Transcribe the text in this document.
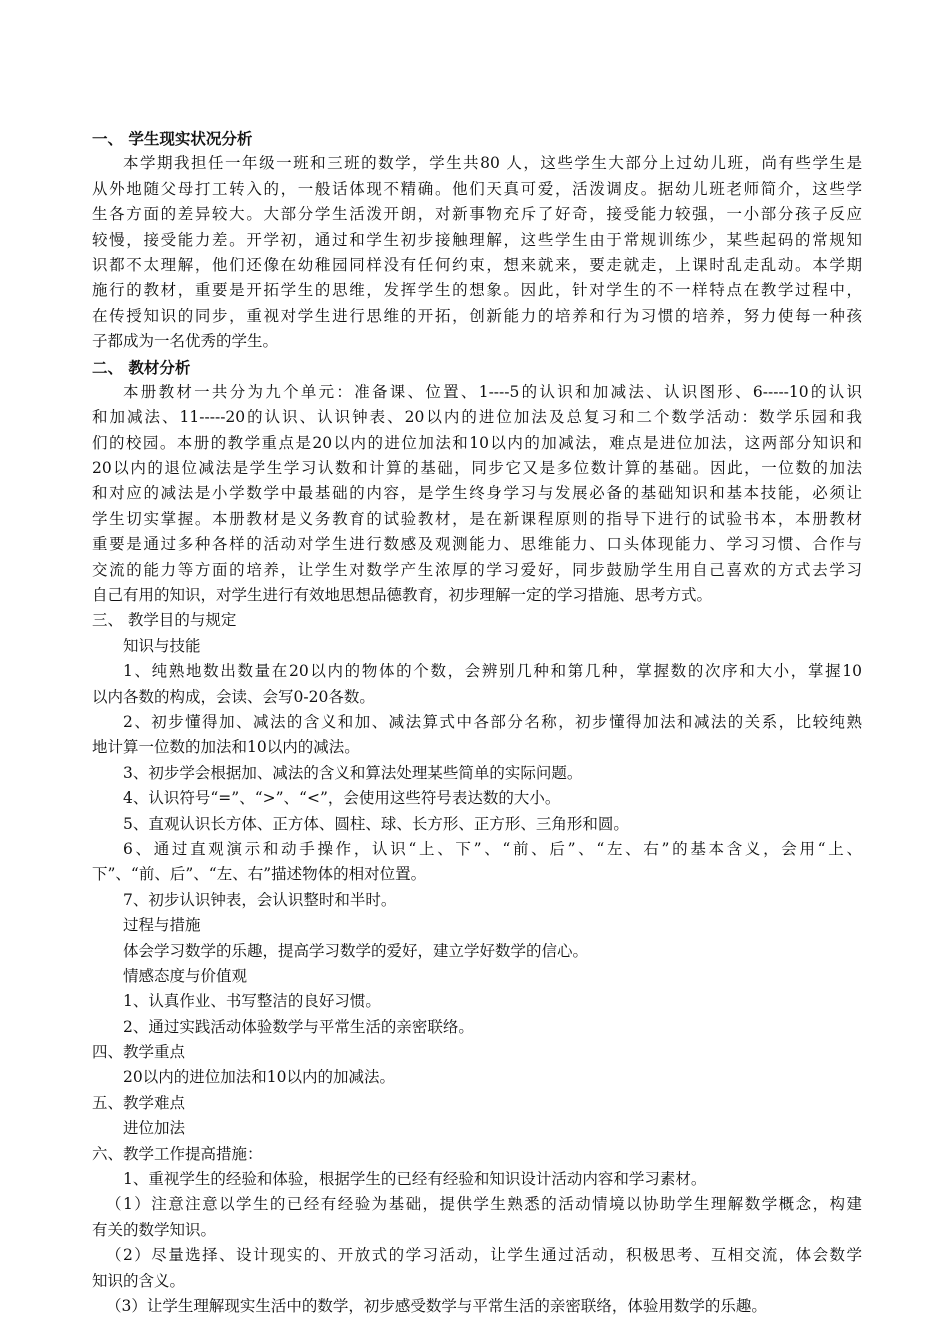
一、 学生现实状况分析
本学期我担任一年级一班和三班的数学，学生共80 人，这些学生大部分上过幼儿班，尚有些学生是
从外地随父母打工转入的，一般话体现不精确。他们天真可爱，活泼调皮。据幼儿班老师简介，这些学
生各方面的差异较大。大部分学生活泼开朗，对新事物充斥了好奇，接受能力较强，一小部分孩子反应
较慢，接受能力差。开学初，通过和学生初步接触理解，这些学生由于常规训练少，某些起码的常规知
识都不太理解，他们还像在幼稚园同样没有任何约束，想来就来，要走就走，上课时乱走乱动。本学期
施行的教材，重要是开拓学生的思维，发挥学生的想象。因此，针对学生的不一样特点在教学过程中，
在传授知识的同步，重视对学生进行思维的开拓，创新能力的培养和行为习惯的培养，努力使每一种孩
子都成为一名优秀的学生。
二、 教材分析
本册教材一共分为九个单元：准备课、位置、1----5的认识和加减法、认识图形、6-----10的认识
和加减法、11-----20的认识、认识钟表、20以内的进位加法及总复习和二个数学活动：数学乐园和我
们的校园。本册的教学重点是20以内的进位加法和10以内的加减法，难点是进位加法，这两部分知识和
20以内的退位减法是学生学习认数和计算的基础，同步它又是多位数计算的基础。因此，一位数的加法
和对应的减法是小学数学中最基础的内容，是学生终身学习与发展必备的基础知识和基本技能，必须让
学生切实掌握。本册教材是义务教育的试验教材，是在新课程原则的指导下进行的试验书本，本册教材
重要是通过多种各样的活动对学生进行数感及观测能力、思维能力、口头体现能力、学习习惯、合作与
交流的能力等方面的培养，让学生对数学产生浓厚的学习爱好，同步鼓励学生用自己喜欢的方式去学习
自己有用的知识，对学生进行有效地思想品德教育，初步理解一定的学习措施、思考方式。
三、 教学目的与规定
知识与技能
1、纯熟地数出数量在20以内的物体的个数，会辨别几种和第几种，掌握数的次序和大小，掌握10
以内各数的构成，会读、会写0-20各数。
2、初步懂得加、减法的含义和加、减法算式中各部分名称，初步懂得加法和减法的关系，比较纯熟
地计算一位数的加法和10以内的减法。
3、初步学会根据加、减法的含义和算法处理某些简单的实际问题。
4、认识符号“=”、“>”、“<”，会使用这些符号表达数的大小。
5、直观认识长方体、正方体、圆柱、球、长方形、正方形、三角形和圆。
6、通过直观演示和动手操作，认识“上、下”、“前、后”、“左、右”的基本含义，会用“上、
下”、“前、后”、“左、右”描述物体的相对位置。
7、初步认识钟表，会认识整时和半时。
过程与措施
体会学习数学的乐趣，提高学习数学的爱好，建立学好数学的信心。
情感态度与价值观
1、认真作业、书写整洁的良好习惯。
2、通过实践活动体验数学与平常生活的亲密联络。
四、教学重点
20以内的进位加法和10以内的加减法。
五、教学难点
进位加法
六、教学工作提高措施：
1、重视学生的经验和体验，根据学生的已经有经验和知识设计活动内容和学习素材。
（1）注意注意以学生的已经有经验为基础，提供学生熟悉的活动情境以协助学生理解数学概念，构建
有关的数学知识。
（2）尽量选择、设计现实的、开放式的学习活动，让学生通过活动，积极思考、互相交流，体会数学
知识的含义。
（3）让学生理解现实生活中的数学，初步感受数学与平常生活的亲密联络，体验用数学的乐趣。
